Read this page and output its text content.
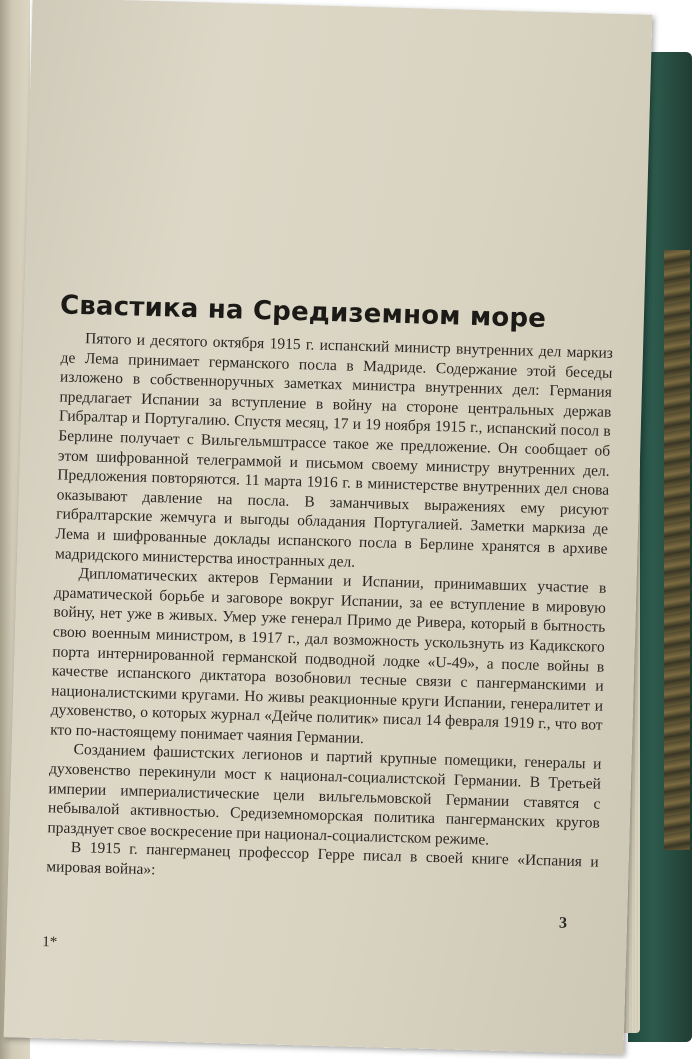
Свастика на Средиземном море

Пятого и десятого октября 1915 г. испанский министр внутренних дел маркиз де Лема принимает германского посла в Мадриде. Содержание этой беседы изложено в собственноручных заметках министра внутренних дел: Германия предлагает Испании за вступление в войну на стороне центральных держав Гибралтар и Португалию. Спустя месяц, 17 и 19 ноября 1915 г., испанский посол в Берлине получает с Вильгельмштрассе такое же предложение. Он сообщает об этом шифрованной телеграммой и письмом своему министру внутренних дел. Предложения повторяются. 11 марта 1916 г. в министерстве внутренних дел снова оказывают давление на посла. В заманчивых выражениях ему рисуют гибралтарские жемчуга и выгоды обладания Португалией. Заметки маркиза де Лема и шифрованные доклады испанского посла в Берлине хранятся в архиве мадридского министерства иностранных дел.

Дипломатических актеров Германии и Испании, принимавших участие в драматической борьбе и заговоре вокруг Испании, за ее вступление в мировую войну, нет уже в живых. Умер уже генерал Примо де Ривера, который в бытность свою военным министром, в 1917 г., дал возможность ускользнуть из Кадикского порта интернированной германской подводной лодке «U-49», а после войны в качестве испанского диктатора возобновил тесные связи с пангерманскими и националистскими кругами. Но живы реакционные круги Испании, генералитет и духовенство, о которых журнал «Дейче политик» писал 14 февраля 1919 г., что вот кто по-настоящему понимает чаяния Германии.

Созданием фашистских легионов и партий крупные помещики, генералы и духовенство перекинули мост к национал-социалистской Германии. В Третьей империи империалистические цели вильгельмовской Германии ставятся с небывалой активностью. Средиземноморская политика пангерманских кругов празднует свое воскресение при национал-социалистском режиме.

В 1915 г. пангерманец профессор Герре писал в своей книге «Испания и мировая война»:

3
1*
